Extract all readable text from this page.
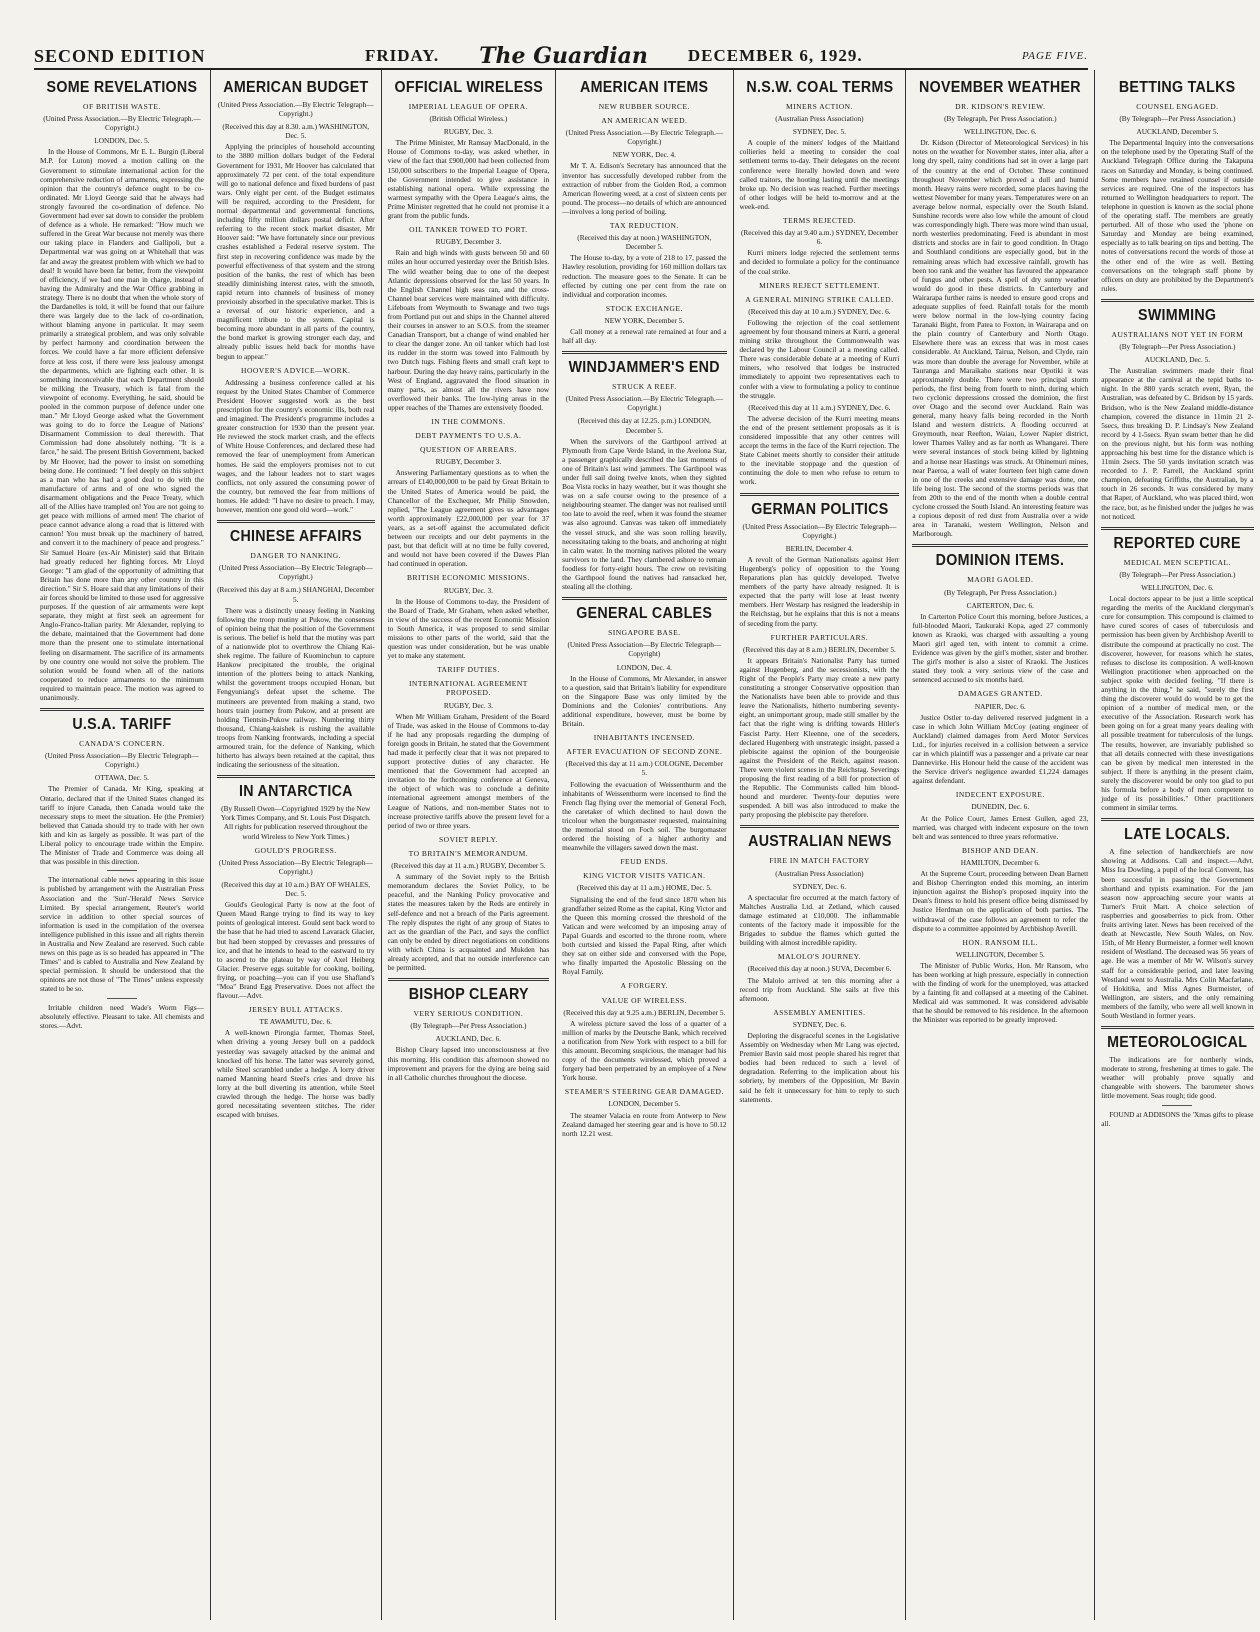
SECOND EDITION	FRIDAY. The Guardian DECEMBER 6, 1929.	PAGE FIVE.
SOME REVELATIONS
OF BRITISH WASTE.
(United Press Association.—By Electric Telegraph.—Copyright.)
LONDON, Dec. 5.

In the House of Commons, Mr E. L. Burgin (Liberal M.P. for Luton) moved a motion calling on the Government to stimulate international action for the comprehensive reduction of armaments, expressing the opinion that the country's defence ought to be co-ordinated. Mr Lloyd George said that he always had strongly favoured the co-ordination of defence. No Government had ever sat down to consider the problem of defence as a whole. He remarked: "How much we suffered in the Great War because not merely was there our taking place in Flanders and Gallipoli, but a Departmental war was going on at Whitehall that was far and away the greatest problem with which we had to deal! It would have been far better, from the viewpoint of efficiency, if we had one man in charge, instead of having the Admiralty and the War Office grabbing in strategy. There is no doubt that when the whole story of the Dardanelles is told, it will be found that our failure there was largely due to the lack of co-ordination, without blaming anyone in particular. It may seem primarily a strategical problem, and was only solvable by perfect harmony and coordination between the forces. We could have a far more efficient defensive force at less cost, if there were less jealousy amongst the departments, which are fighting each other. It is something inconceivable that each Department should be milking the Treasury, which is fatal from the viewpoint of economy. Everything, he said, should be pooled in the common purpose of defence under one man." Mr Lloyd George asked what the Government was going to do to force the League of Nations' Disarmament Commission to deal therewith. That Commission had done absolutely nothing. "It is a farce," he said. The present British Government, backed by Mr Hoover, had the power to insist on something being done. He continued: "I feel deeply on this subject as a man who has had a good deal to do with the manufacture of arms and of one who signed the disarmament obligations and the Peace Treaty, which all of the Allies have trampled on! You are not going to get peace with millions of armed men! The chariot of peace cannot advance along a road that is littered with cannon! You must break up the machinery of hatred, and convert it to the machinery of peace and progress." Sir Samuel Hoare (ex-Air Minister) said that Britain had greatly reduced her fighting forces. Mr Lloyd George: "I am glad of the opportunity of admitting that Britain has done more than any other country in this direction." Sir S. Hoare said that any limitations of their air forces should be limited to those used for aggressive purposes. If the question of air armaments were kept separate, they might at first seek an agreement for Anglo-Franco-Italian parity. Mr Alexander, replying to the debate, maintained that the Government had done more than the present one to stimulate international feeling on disarmament. The sacrifice of its armaments by one country one would not solve the problem. The solution would be found when all of the nations cooperated to reduce armaments to the minimum required to maintain peace. The motion was agreed to unanimously.

U.S.A. TARIFF
CANADA'S CONCERN.
(United Press Association—By Electric Telegraph—Copyright.)
OTTAWA, Dec. 5.

The Premier of Canada, Mr King, speaking at Ontario, declared that if the United States changed its tariff to injure Canada, then Canada would take the necessary steps to meet the situation. He (the Premier) believed that Canada should try to trade with her own kith and kin as largely as possible. It was part of the Liberal policy to encourage trade within the Empire. The Minister of Trade and Commerce was doing all that was possible in this direction.

The international cable news appearing in this issue is published by arrangement with the Australian Press Association and the 'Sun'-'Herald' News Service Limited. By special arrangement, Reuter's world service in addition to other special sources of information is used in the compilation of the oversea intelligence published in this issue and all rights therein in Australia and New Zealand are reserved. Such cable news on this page as is so headed has appeared in "The Times" and is cabled to Australia and New Zealand by special permission. It should be understood that the opinions are not those of "The Times" unless expressly stated to be so.

Irritable children need Wade's Worm Figs—absolutely effective. Pleasant to take. All chemists and stores.—Advt.

AMERICAN BUDGET
(United Press Association.—By Electric Telegraph—Copyright.)
(Received this day at 8.30. a.m.) WASHINGTON, Dec. 5.

Applying the principles of household accounting to the 3880 million dollars budget of the Federal Government for 1931, Mr Hoover has calculated that approximately 72 per cent. of the total expenditure will go to national defence and fixed burdens of past wars. Only eight per cent. of the Budget estimates will be required, according to the President, for normal departmental and governmental functions, including fifty million dollars postal deficit. After referring to the recent stock market disaster, Mr Hoover said: "We have fortunately since our previous crashes established a Federal reserve system. The first step in recovering confidence was made by the powerful effectiveness of that system and the strong position of the banks, the rest of which has been steadily diminishing interest rates, with the smooth, rapid return into channels of business of money previously absorbed in the speculative market. This is a reversal of our historic experience, and a magnificent tribute to the system. Capital is becoming more abundant in all parts of the country, the bond market is growing stronger each day, and already public issues held back for months have begun to appear."

HOOVER'S ADVICE—WORK.

Addressing a business conference called at his request by the United States Chamber of Commerce President Hoover suggested work as the best prescription for the country's economic ills, both real and imagined. The President's programme includes a greater construction for 1930 than the present year. He reviewed the stock market crash, and the effects of White House Conferences, and declared these had removed the fear of unemployment from American homes. He said the employers promises not to cut wages, and the labour leaders not to start wages conflicts, not only assured the consuming power of the country, but removed the fear from millions of homes. He added: "I have no desire to preach. I may, however, mention one good old word—work."

CHINESE AFFAIRS
DANGER TO NANKING.
(United Press Association—By Electric Telegraph—Copyright.)
(Received this day at 8 a.m.) SHANGHAI, December 5.

There was a distinctly uneasy feeling in Nanking following the troop mutiny at Pukow, the consensus of opinion being that the position of the Government is serious. The belief is held that the mutiny was part of a nationwide plot to overthrow the Chiang Kai-shek regime. The failure of Kuominchun to capture Hankow precipitated the trouble, the original intention of the plotters being to attack Nanking, whilst the government troops occupied Honan, but Fengyuniang's defeat upset the scheme. The mutineers are prevented from making a stand, two hours train journey from Pukow, and at present are holding Tientsin-Pukow railway. Numbering thirty thousand, Chiang-kaishek is rushing the available troops from Nanking frontwards, including a special armoured train, for the defence of Nanking, which hitherto has always been retained at the capital, thus indicating the seriousness of the situation.

IN ANTARCTICA
(By Russell Owen—Copyrighted 1929 by the New York Times Company, and St. Louis Post Dispatch. All rights for publication reserved throughout the world Wireless to New York Times.)
GOULD'S PROGRESS.
(United Press Association—By Electric Telegraph—Copyright.)
(Received this day at 10 a.m.) BAY OF WHALES, Dec. 5.

Gould's Geological Party is now at the foot of Queen Maud Range trying to find its way to key points of geological interest. Gould sent back word to the base that he had tried to ascend Lavarack Glacier, but had been stopped by crevasses and pressures of ice, and that he intends to head to the eastward to try to ascend to the plateau by way of Axel Heiberg Glacier. Preserve eggs suitable for cooking, boiling, frying, or poaching—you can if you use Shafland's "Moa" Brand Egg Preservative. Does not affect the flavour.—Advt.

JERSEY BULL ATTACKS.
TE AWAMUTU, Dec. 6.

A well-known Pirongia farmer, Thomas Steel, when driving a young Jersey bull on a paddock yesterday was savagely attacked by the animal and knocked off his horse. The latter was severely gored, while Steel scrambled under a hedge. A lorry driver named Manning heard Steel's cries and drove his lorry at the bull diverting its attention, while Steel crawled through the hedge. The horse was badly gored necessitating seventeen stitches. The rider escaped with bruises.

OFFICIAL WIRELESS
IMPERIAL LEAGUE OF OPERA.
(British Official Wireless.)
RUGBY, Dec. 3.

The Prime Minister, Mr Ramsay MacDonald, in the House of Commons to-day, was asked whether, in view of the fact that £900,000 had been collected from 150,000 subscribers to the Imperial League of Opera, the Government intended to give assistance in establishing national opera. While expressing the warmest sympathy with the Opera League's aims, the Prime Minister regretted that he could not promise it a grant from the public funds.

OIL TANKER TOWED TO PORT.
RUGBY, December 3.

Rain and high winds with gusts between 50 and 60 miles an hour occurred yesterday over the British Isles. The wild weather being due to one of the deepest Atlantic depressions observed for the last 50 years. In the English Channel high seas ran, and the cross-Channel boat services were maintained with difficulty. Lifeboats from Weymouth to Swanage and two tugs from Portland put out and ships in the Channel altered their courses in answer to an S.O.S. from the steamer Canadian Transport, but a change of wind enabled her to clear the danger zone. An oil tanker which had lost its rudder in the storm was towed into Falmouth by two Dutch tugs. Fishing fleets and small craft kept to harbour. During the day heavy rains, particularly in the West of England, aggravated the flood situation in many parts, as almost all the rivers have now overflowed their banks. The low-lying areas in the upper reaches of the Thames are extensively flooded.

IN THE COMMONS.
DEBT PAYMENTS TO U.S.A.
QUESTION OF ARREARS.
RUGBY, December 3.

Answering Parliamentary questions as to when the arrears of £140,000,000 to be paid by Great Britain to the United States of America would be paid, the Chancellor of the Exchequer, Mr Philip Snowden, replied, "The League agreement gives us advantages worth approximately £22,000,000 per year for 37 years, as a set-off against the accumulated deficit between our receipts and our debt payments in the past, but that deficit will at no time be fully covered, and would not have been covered if the Dawes Plan had continued in operation.

BRITISH ECONOMIC MISSIONS.
RUGBY, Dec. 3.

In the House of Commons to-day, the President of the Board of Trade, Mr Graham, when asked whether, in view of the success of the recent Economic Mission to South America, it was proposed to send similar missions to other parts of the world, said that the question was under consideration, but he was unable yet to make any statement.

TARIFF DUTIES.
INTERNATIONAL AGREEMENT PROPOSED.
RUGBY, Dec. 3.

When Mr William Graham, President of the Board of Trade, was asked in the House of Commons to-day if he had any proposals regarding the dumping of foreign goods in Britain, he stated that the Government had made it perfectly clear that it was not prepared to support protective duties of any character. He mentioned that the Government had accepted an invitation to the forthcoming conference at Geneva, the object of which was to conclude a definite international agreement amongst members of the League of Nations, and non-member States not to increase protective tariffs above the present level for a period of two or three years.

SOVIET REPLY.
TO BRITAIN'S MEMORANDUM.
(Received this day at 11 a.m.) RUGBY, December 5.

A summary of the Soviet reply to the British memorandum declares the Soviet Policy, to be peaceful, and the Nanking Policy provocative and states the measures taken by the Reds are entirely in self-defence and not a breach of the Paris agreement. The reply disputes the right of any group of States to act as the guardian of the Pact, and says the conflict can only be ended by direct negotiations on conditions with which China is acquainted and Mukden has already accepted, and that no outside interference can be permitted.

BISHOP CLEARY
VERY SERIOUS CONDITION.
(By Telegraph—Per Press Association.)
AUCKLAND, Dec. 6.

Bishop Cleary lapsed into unconsciousness at five this morning. His condition this afternoon showed no improvement and prayers for the dying are being said in all Catholic churches throughout the diocese.

AMERICAN ITEMS
NEW RUBBER SOURCE.
AN AMERICAN WEED.
(United Press Association.—By Electric Telegraph.—Copyright.)
NEW YORK, Dec. 4.

Mr T. A. Edison's Secretary has announced that the inventor has successfully developed rubber from the extraction of rubber from the Golden Rod, a common American flowering weed, at a cost of sixteen cents per pound. The process—no details of which are announced—involves a long period of boiling.

TAX REDUCTION.
(Received this day at noon.) WASHINGTON, December 5.

The House to-day, by a vote of 218 to 17, passed the Hawley resolution, providing for 160 million dollars tax reduction. The measure goes to the Senate. It can be effected by cutting one per cent from the rate on individual and corporation incomes.

STOCK EXCHANGE.
NEW YORK, December 5.

Call money at a renewal rate remained at four and a half all day.

WINDJAMMER'S END
STRUCK A REEF.
(United Press Association.—By Electric Telegraph.—Copyright.)
(Received this day at 12.25. p.m.) LONDON, December 5.

When the survivors of the Garthpool arrived at Plymouth from Cape Verde Island, in the Avelona Star, a passenger graphically described the last moments of one of Britain's last wind jammers. The Garthpool was under full sail doing twelve knots, when they sighted Boa Vista rocks in hazy weather, but it was thought she was on a safe course owing to the presence of a neighbouring steamer. The danger was not realised until too late to avoid the reef, when it was found the steamer was also aground. Canvas was taken off immediately the vessel struck, and she was soon rolling heavily, necessitating taking to the boats, and anchoring at night in calm water. In the morning natives piloted the weary survivors to the land. They clambered ashore to remain foodless for forty-eight hours. The crew on revisiting the Garthpool found the natives had ransacked her, stealing all the clothing.

GENERAL CABLES
SINGAPORE BASE.
(United Press Association—By Electric Telegraph—Copyright)
LONDON, Dec. 4.

In the House of Commons, Mr Alexander, in answer to a question, said that Britain's liability for expenditure on the Singapore Base was only limited by the Dominions and the Colonies' contributions. Any additional expenditure, however, must be borne by Britain.

INHABITANTS INCENSED.
AFTER EVACUATION OF SECOND ZONE.
(Received this day at 11 a.m.) COLOGNE, December 5.

Following the evacuation of Weissenthurm and the inhabitants of Weissenthurm were incensed to find the French flag flying over the memorial of General Foch, the caretaker of which declined to haul down the tricolour when the burgomaster requested, maintaining the memorial stood on Foch soil. The burgomaster ordered the hoisting of a higher authority and meanwhile the villagers sawed down the mast.

FEUD ENDS.
KING VICTOR VISITS VATICAN.
(Received this day at 11 a.m.) HOME, Dec. 5.

Signalising the end of the feud since 1870 when his grandfather seized Rome as the capital, King Victor and the Queen this morning crossed the threshold of the Vatican and were welcomed by an imposing array of Papal Guards and escorted to the throne room, where both curtsied and kissed the Papal Ring, after which they sat on either side and conversed with the Pope, who finally imparted the Apostolic Blessing on the Royal Family.

A FORGERY.
VALUE OF WIRELESS.
(Received this day at 9.25 a.m.) BERLIN, December 5.

A wireless picture saved the loss of a quarter of a million of marks by the Deutsche Bank, which received a notification from New York with respect to a bill for this amount. Becoming suspicious, the manager had his copy of the documents wirelessed, which proved a forgery had been perpetrated by an employee of a New York house.

STEAMER'S STEERING GEAR DAMAGED.
LONDON, December 5.

The steamer Valacia en route from Antwerp to New Zealand damaged her steering gear and is hove to 50.12 north 12.21 west.

N.S.W. COAL TERMS
MINERS ACTION.
(Australian Press Association)
SYDNEY, Dec. 5.

A couple of the miners' lodges of the Maitland collieries held a meeting to consider the coal settlement terms to-day. Their delegates on the recent conference were literally howled down and were called traitors, the hooting lasting until the meetings broke up. No decision was reached. Further meetings of other lodges will be held to-morrow and at the week-end.

TERMS REJECTED.
(Received this day at 9.40 a.m.) SYDNEY, December 6.

Kurri miners lodge rejected the settlement terms and decided to formulate a policy for the continuance of the coal strike.

MINERS REJECT SETTLEMENT.
A GENERAL MINING STRIKE CALLED.
(Received this day at 10 a.m.) SYDNEY, Dec. 6.

Following the rejection of the coal settlement agreement by four thousand miners at Kurri, a general mining strike throughout the Commonwealth was declared by the Labour Council at a meeting called. There was considerable debate at a meeting of Kurri miners, who resolved that lodges be instructed immediately to appoint two representatives each to confer with a view to formulating a policy to continue the struggle.

(Received this day at 11 a.m.) SYDNEY, Dec. 6.

The adverse decision of the Kurri meeting means the end of the present settlement proposals as it is considered impossible that any other centres will accept the terms in the face of the Kurri rejection. The State Cabinet meets shortly to consider their attitude to the inevitable stoppage and the question of continuing the dole to men who refuse to return to work.

GERMAN POLITICS
(United Press Association—By Electric Telegraph—Copyright.)
BERLIN, December 4.

A revolt of the German Nationalists against Herr Hugenberg's policy of opposition to the Young Reparations plan has quickly developed. Twelve members of the party have already resigned. It is expected that the party will lose at least twenty members. Herr Westarp has resigned the leadership in the Reichstag, but he explains that this is not a means of seceding from the party.

FURTHER PARTICULARS.
(Received this day at 8 a.m.) BERLIN, December 5.

It appears Britain's Nationalist Party has turned against Hugenberg, and the secessionists, with the Right of the People's Party may create a new party constituting a stronger Conservative opposition than the Nationalists have been able to provide and thus leave the Nationalists, hitherto numbering seventy-eight, an unimportant group, made still smaller by the fact that the right wing is drifting towards Hitler's Fascist Party. Herr Kleenne, one of the seceders, declared Hugenberg with unstrategic insight, passed a plebiscite against the opinion of the bourgeoisie against the President of the Reich, against reason. There were violent scenes in the Reichstag. Severings proposing the first reading of a bill for protection of the Republic. The Communists called him blood-hound and murderer. Twenty-four deputies were suspended. A bill was also introduced to make the party proposing the plebiscite pay therefore.

AUSTRALIAN NEWS
FIRE IN MATCH FACTORY
(Australian Press Association)
SYDNEY, Dec. 6.

A spectacular fire occurred at the match factory of Maltches Australia Ltd. at Zetland, which caused damage estimated at £10,000. The inflammable contents of the factory made it impossible for the Brigades to subdue the flames which gutted the building with almost incredible rapidity.

MALOLO'S JOURNEY.
(Received this day at noon.) SUVA, December 6.

The Malolo arrived at ten this morning after a record trip from Auckland. She sails at five this afternoon.

ASSEMBLY AMENITIES.
SYDNEY, Dec. 6.

Deploring the disgraceful scenes in the Legislative Assembly on Wednesday when Mr Lang was ejected, Premier Bavin said most people shared his regret that bodies had been reduced to such a level of degradation. Referring to the implication about his sobriety, by members of the Opposition, Mr Bavin said he felt it unnecessary for him to reply to such statements.

NOVEMBER WEATHER
DR. KIDSON'S REVIEW.
(By Telegraph, Per Press Association.)
WELLINGTON, Dec. 6.

Dr. Kidson (Director of Meteorological Services) in his notes on the weather for November states, inter alia, after a long dry spell, rainy conditions had set in over a large part of the country at the end of October. These continued throughout November which proved a dull and humid month. Heavy rains were recorded, some places having the wettest November for many years. Temperatures were on an average below normal, especially over the South Island. Sunshine records were also low while the amount of cloud was correspondingly high. There was more wind than usual, north westerlies predominating. Feed is abundant in most districts and stocks are in fair to good condition. In Otago and Southland conditions are especially good, but in the remaining areas which had excessive rainfall, growth has been too rank and the weather has favoured the appearance of fungus and other pests. A spell of dry sunny weather would do good in these districts. In Canterbury and Wairarapa further rains is needed to ensure good crops and adequate supplies of feed. Rainfall totals for the month were below normal in the low-lying country facing Taranaki Bight, from Patea to Foxton, in Wairarapa and on the plain country of Canterbury and North Otago. Elsewhere there was an excess that was in most cases considerable. At Auckland, Tairua, Nelson, and Clyde, rain was more than double the average for November, while at Tauranga and Maraikaho stations near Opotiki it was approximately double. There were two principal storm periods, the first being from fourth to ninth, during which two cyclonic depressions crossed the dominion, the first over Otago and the second over Auckland. Rain was general, many heavy falls being recorded in the North Island and western districts. A flooding occurred at Greymouth, near Reefton, Waiau, Lower Napier district, lower Thames Valley and as far north as Whangarei. There were several instances of stock being killed by lightning and a house near Hastings was struck. At Ohinemuri mines, near Paeroa, a wall of water fourteen feet high came down in one of the creeks and extensive damage was done, one life being lost. The second of the storms periods was that from 20th to the end of the month when a double central cyclone crossed the South Island. An interesting feature was a copious deposit of red dust from Australia over a wide area in Taranaki, western Wellington, Nelson and Marlborough.

DOMINION ITEMS.
MAORI GAOLED.
(By Telegraph, Per Press Association.)
CARTERTON, Dec. 6.

In Carterton Police Court this morning, before Justices, a full-blooded Maori, Taukuraki Kopa, aged 27 commonly known as Kraoki, was charged with assaulting a young Maori girl aged ten, with intent to commit a crime. Evidence was given by the girl's mother, sister and brother. The girl's mother is also a sister of Kraoki. The Justices stated they took a very serious view of the case and sentenced accused to six months hard.

DAMAGES GRANTED.
NAPIER, Dec. 6.

Justice Ostler to-day delivered reserved judgment in a case in which John William McCoy (eating engineer of Auckland) claimed damages from Aerd Motor Services Ltd., for injuries received in a collision between a service car in which plaintiff was a passenger and a private car near Dannevirke. His Honour held the cause of the accident was the Service driver's negligence awarded £1,224 damages against defendant.

INDECENT EXPOSURE.
DUNEDIN, Dec. 6.

At the Police Court, James Ernest Gullen, aged 23, married, was charged with indecent exposure on the town belt and was sentenced to three years reformative.

BISHOP AND DEAN.
HAMILTON, December 6.

At the Supreme Court, proceeding between Dean Barnett and Bishop Cherrington ended this morning, an interim injunction against the Bishop's proposed inquiry into the Dean's fitness to hold his present office being dismissed by Justice Herdman on the application of both parties. The withdrawal of the case follows an agreement to refer the dispute to a committee appointed by Archbishop Averill.

HON. RANSOM ILL.
WELLINGTON, December 5.

The Minister of Public Works, Hon. Mr Ransom, who has been working at high pressure, especially in connection with the finding of work for the unemployed, was attacked by a fainting fit and collapsed at a meeting of the Cabinet. Medical aid was summoned. It was considered advisable that he should be removed to his residence. In the afternoon the Minister was reported to be greatly improved.

BETTING TALKS
COUNSEL ENGAGED.
(By Telegraph—Per Press Association.)
AUCKLAND, December 5.

The Departmental Inquiry into the conversations on the telephone used by the Operating Staff of the Auckland Telegraph Office during the Takapuna races on Saturday and Monday, is being continued. Some members have retained counsel if outside services are required. One of the inspectors has returned to Wellington headquarters to report. The telephone in question is known as the social phone of the operating staff. The members are greatly perturbed. All of those who used the 'phone on Saturday and Monday are being examined, especially as to talk bearing on tips and betting. The notes of conversations record the words of those at the other end of the wire as well. Betting conversations on the telegraph staff phone by officers on duty are prohibited by the Department's rules.

SWIMMING
AUSTRALIANS NOT YET IN FORM
(By Telegraph—Per Press Association.)
AUCKLAND, Dec. 5.

The Australian swimmers made their final appearance at the carnival at the tepid baths to-night. In the 880 yards scratch event, Ryan, the Australian, was defeated by C. Bridson by 15 yards. Bridson, who is the New Zealand middle-distance champion, covered the distance in 11min 21 2-5secs, thus breaking D. P. Lindsay's New Zealand record by 4 1-5secs. Ryan swam better than he did on the previous night, but his form was nothing approaching his best time for the distance which is 11min 2secs. The 50 yards invitation scratch was recorded to J. P. Farrell, the Auckland sprint champion, defeating Griffiths, the Australian, by a touch in 26 seconds. It was considered by many that Raper, of Auckland, who was placed third, won the race, but, as he finished under the judges he was not noticed.

REPORTED CURE
MEDICAL MEN SCEPTICAL.
(By Telegraph—Per Press Association.)
WELLINGTON, Dec. 6.

Local doctors appear to be just a little sceptical regarding the merits of the Auckland clergyman's cure for consumption. This compound is claimed to have cured scores of cases of tuberculosis and permission has been given by Archbishop Averill to distribute the compound at practically no cost. The discoverer, however, for reasons which he states, refuses to disclose its composition. A well-known Wellington practitioner when approached on the subject spoke with decided feeling. "If there is anything in the thing," he said, "surely the first thing the discoverer would do would be to get the opinion of a number of medical men, or the executive of the Association. Research work has been going on for a great many years dealing with all possible treatment for tuberculosis of the lungs. The results, however, are invariably published so that all details connected with these investigations can be given by medical men interested in the subject. If there is anything in the present claim, surely the discoverer would be only too glad to put his formula before a body of men competent to judge of its possibilities." Other practitioners comment in similar terms.

LATE LOCALS.

A fine selection of handkerchiefs are now showing at Addisons. Call and inspect.—Advt. Miss Ira Dowling, a pupil of the local Convent, has been successful in passing the Government shorthand and typists examination. For the jam season now approaching secure your wants at Turner's Fruit Mart. A choice selection of raspberries and gooseberries to pick from. Other fruits arriving later. News has been received of the death at Newcastle, New South Wales, on Nov. 15th, of Mr Henry Burmeister, a former well known resident of Westland. The deceased was 56 years of age. He was a member of Mr W. Wilson's survey staff for a considerable period, and later leaving Westland went to Australia. Mrs Colin Macfarlane, of Hokitika, and Miss Agnes Burmeister, of Wellington, are sisters, and the only remaining members of the family, who were all well known in South Westland in former years.

METEOROLOGICAL

The indications are for northerly winds, moderate to strong, freshening at times to gale. The weather will probably prove squally and changeable with showers. The barometer shows little movement. Seas rough; tide good.

FOUND at ADDISONS the 'Xmas gifts to please all.
